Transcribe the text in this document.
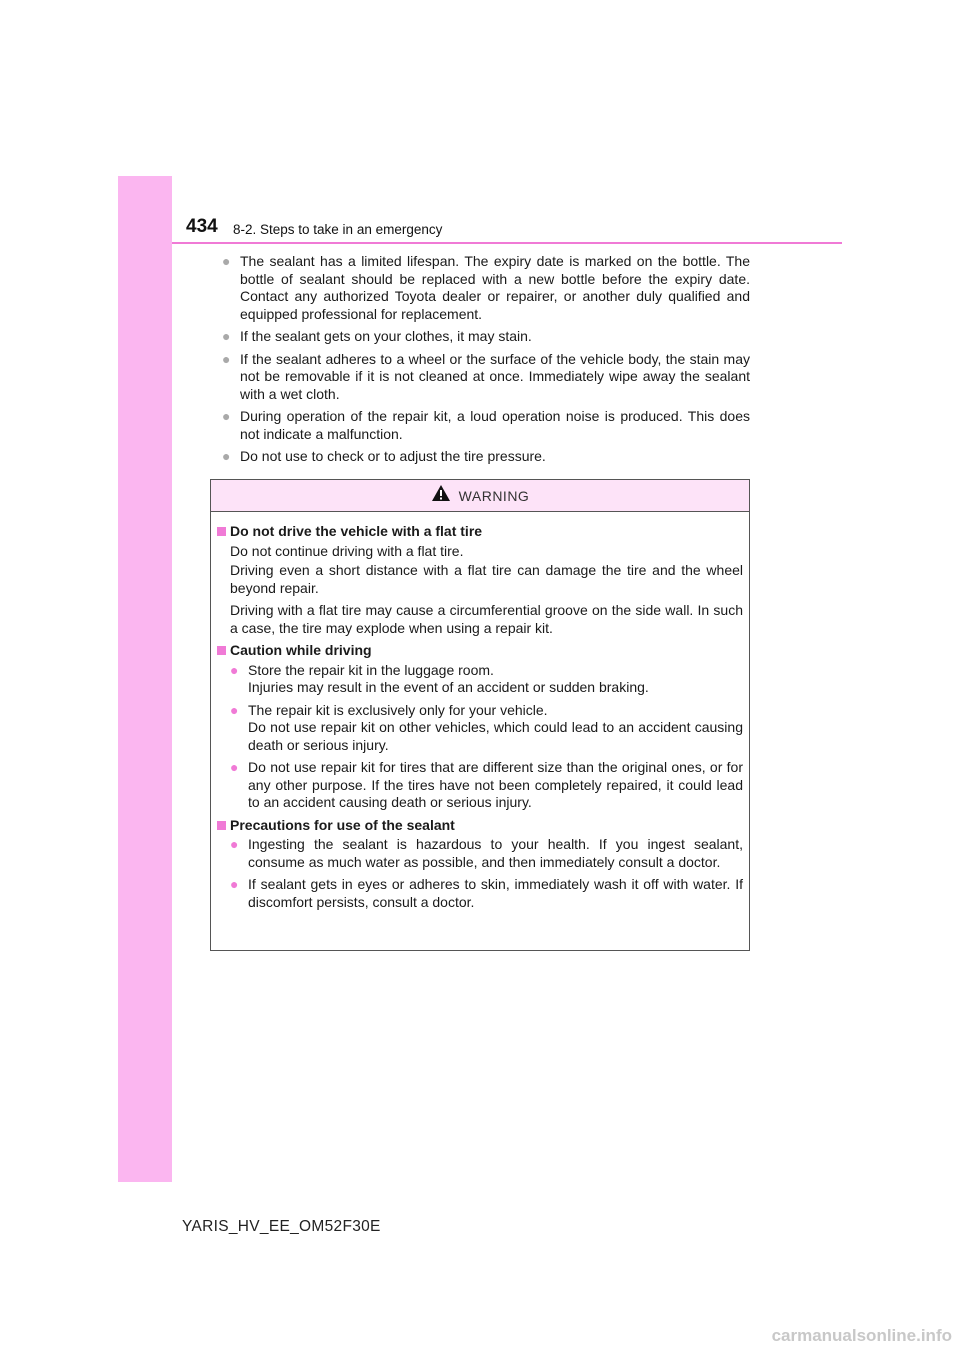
434 8-2. Steps to take in an emergency
● The sealant has a limited lifespan. The expiry date is marked on the bottle. The bottle of sealant should be replaced with a new bottle before the expiry date. Contact any authorized Toyota dealer or repairer, or another duly qualified and equipped professional for replacement.
● If the sealant gets on your clothes, it may stain.
● If the sealant adheres to a wheel or the surface of the vehicle body, the stain may not be removable if it is not cleaned at once. Immediately wipe away the sealant with a wet cloth.
● During operation of the repair kit, a loud operation noise is produced. This does not indicate a malfunction.
● Do not use to check or to adjust the tire pressure.
WARNING
Do not drive the vehicle with a flat tire
Do not continue driving with a flat tire.
Driving even a short distance with a flat tire can damage the tire and the wheel beyond repair.
Driving with a flat tire may cause a circumferential groove on the side wall. In such a case, the tire may explode when using a repair kit.
Caution while driving
● Store the repair kit in the luggage room.
Injuries may result in the event of an accident or sudden braking.
● The repair kit is exclusively only for your vehicle.
Do not use repair kit on other vehicles, which could lead to an accident causing death or serious injury.
● Do not use repair kit for tires that are different size than the original ones, or for any other purpose. If the tires have not been completely repaired, it could lead to an accident causing death or serious injury.
Precautions for use of the sealant
● Ingesting the sealant is hazardous to your health. If you ingest sealant, consume as much water as possible, and then immediately consult a doctor.
● If sealant gets in eyes or adheres to skin, immediately wash it off with water. If discomfort persists, consult a doctor.
YARIS_HV_EE_OM52F30E
carmanualsonline.info
